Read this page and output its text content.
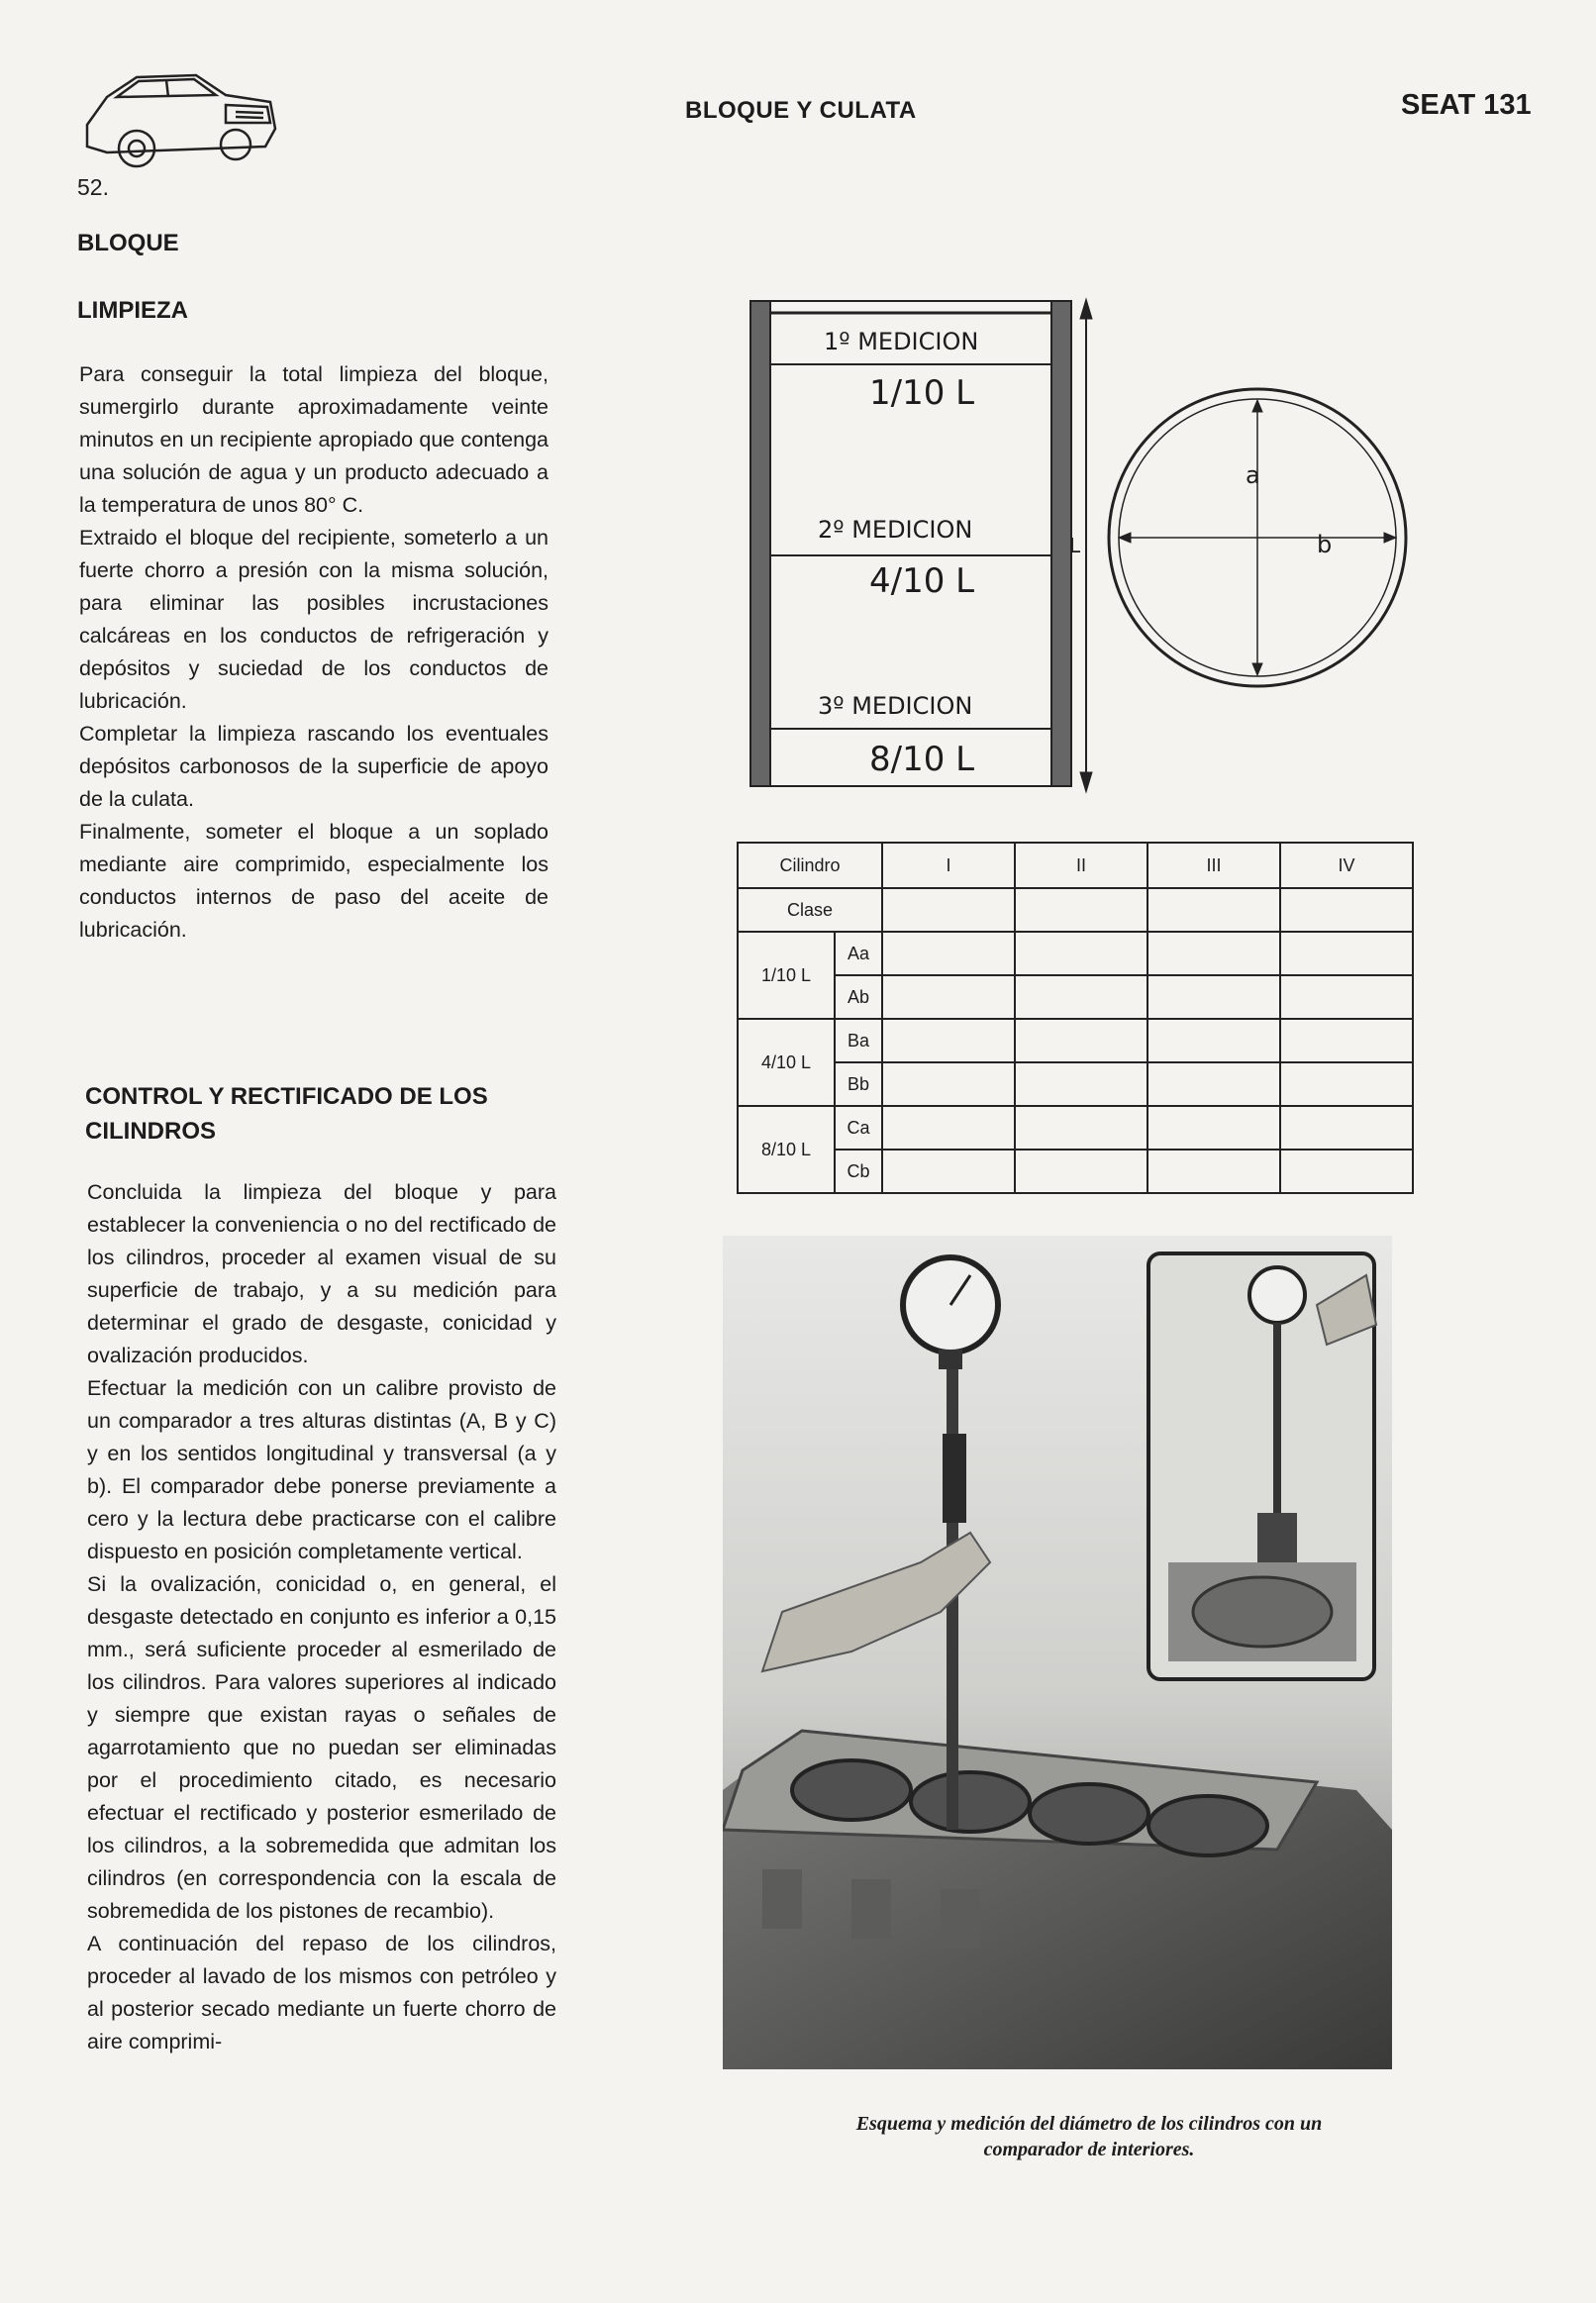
52.
BLOQUE Y CULATA	SEAT 131
BLOQUE
LIMPIEZA

Para conseguir la total limpieza del bloque, sumergirlo durante aproximadamente veinte minutos en un recipiente apropiado que contenga una solución de agua y un producto adecuado a la temperatura de unos 80° C.

Extraido el bloque del recipiente, someterlo a un fuerte chorro a presión con la misma solución, para eliminar las posibles incrustaciones calcáreas en los conductos de refrigeración y depósitos y suciedad de los conductos de lubricación.

Completar la limpieza rascando los eventuales depósitos carbonosos de la superficie de apoyo de la culata.

Finalmente, someter el bloque a un soplado mediante aire comprimido, especialmente los conductos internos de paso del aceite de lubricación.

CONTROL Y RECTIFICADO DE LOS CILINDROS

Concluida la limpieza del bloque y para establecer la conveniencia o no del rectificado de los cilindros, proceder al examen visual de su superficie de trabajo, y a su medición para determinar el grado de desgaste, conicidad y ovalización producidos.

Efectuar la medición con un calibre provisto de un comparador a tres alturas distintas (A, B y C) y en los sentidos longitudinal y transversal (a y b). El comparador debe ponerse previamente a cero y la lectura debe practicarse con el calibre dispuesto en posición completamente vertical.

Si la ovalización, conicidad o, en general, el desgaste detectado en conjunto es inferior a 0,15 mm., será suficiente proceder al esmerilado de los cilindros. Para valores superiores al indicado y siempre que existan rayas o señales de agarrotamiento que no puedan ser eliminadas por el procedimiento citado, es necesario efectuar el rectificado y posterior esmerilado de los cilindros, a la sobremedida que admitan los cilindros (en correspondencia con la escala de sobremedida de los pistones de recambio).

A continuación del repaso de los cilindros, proceder al lavado de los mismos con petróleo y al posterior secado mediante un fuerte chorro de aire comprimi-

1º MEDICION
1/10 L
2º MEDICION
4/10 L
3º MEDICION
8/10 L
L
a
b
Cilindro		I	II	III	IV
Clase					
1/10 L	Aa				
	Ab				
4/10 L	Ba				
	Bb				
8/10 L	Ca				
	Cb				
Esquema y medición del diámetro de los cilindros con un comparador de interiores.
